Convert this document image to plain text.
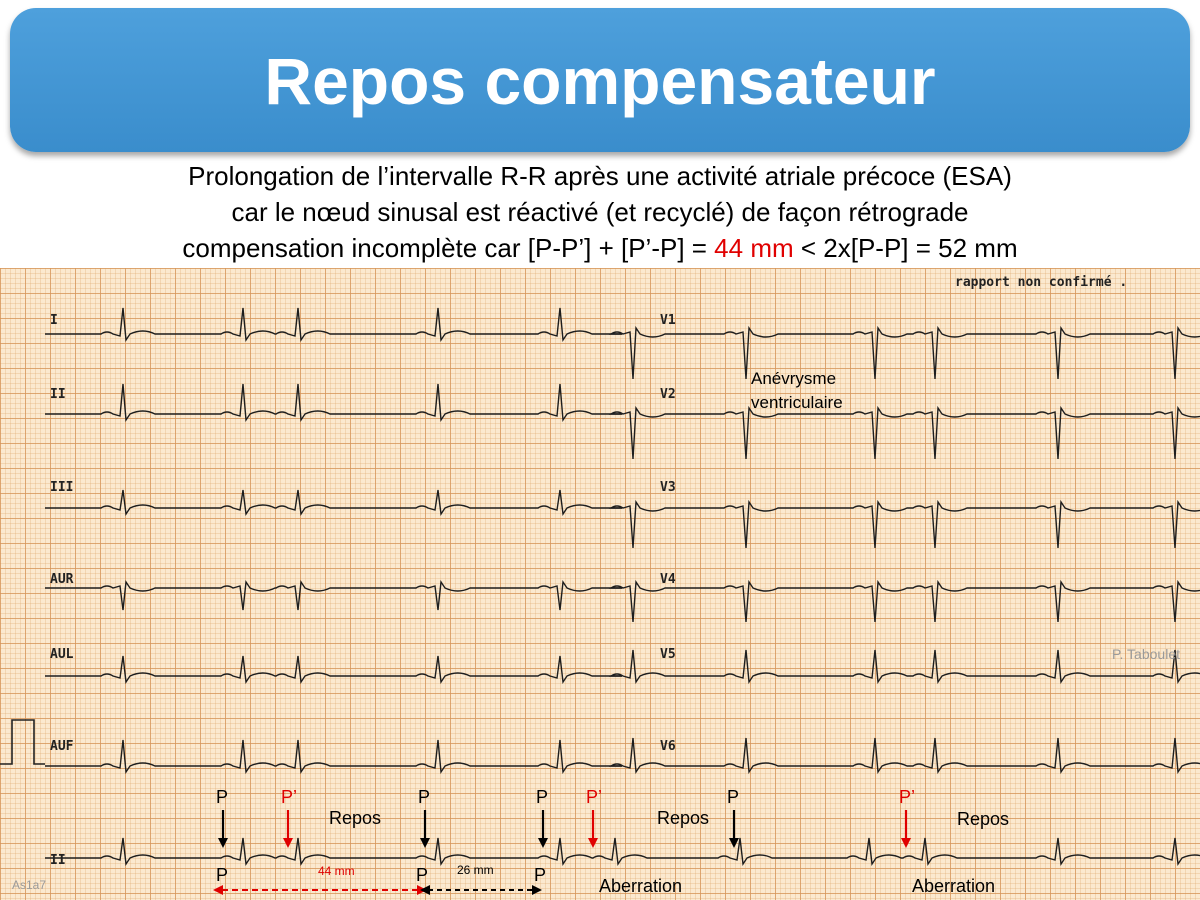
Repos compensateur
Prolongation de l’intervalle R-R après une activité atriale précoce (ESA)
car le nœud sinusal est réactivé (et recyclé) de façon rétrograde
compensation incomplète car [P-P’] + [P’-P] = 44 mm < 2x[P-P] = 52 mm
I
II
III
AUR
AUL
AUF
V1
V2
V3
V4
V5
V6
II
rapport non confirmé .
Anévrysme
ventriculaire
P. Taboulet
As1a7
P	P’
Repos
P	P P’
Repos
P	P’
Repos
P	P	P
44 mm	26 mm
Aberration	Aberration
